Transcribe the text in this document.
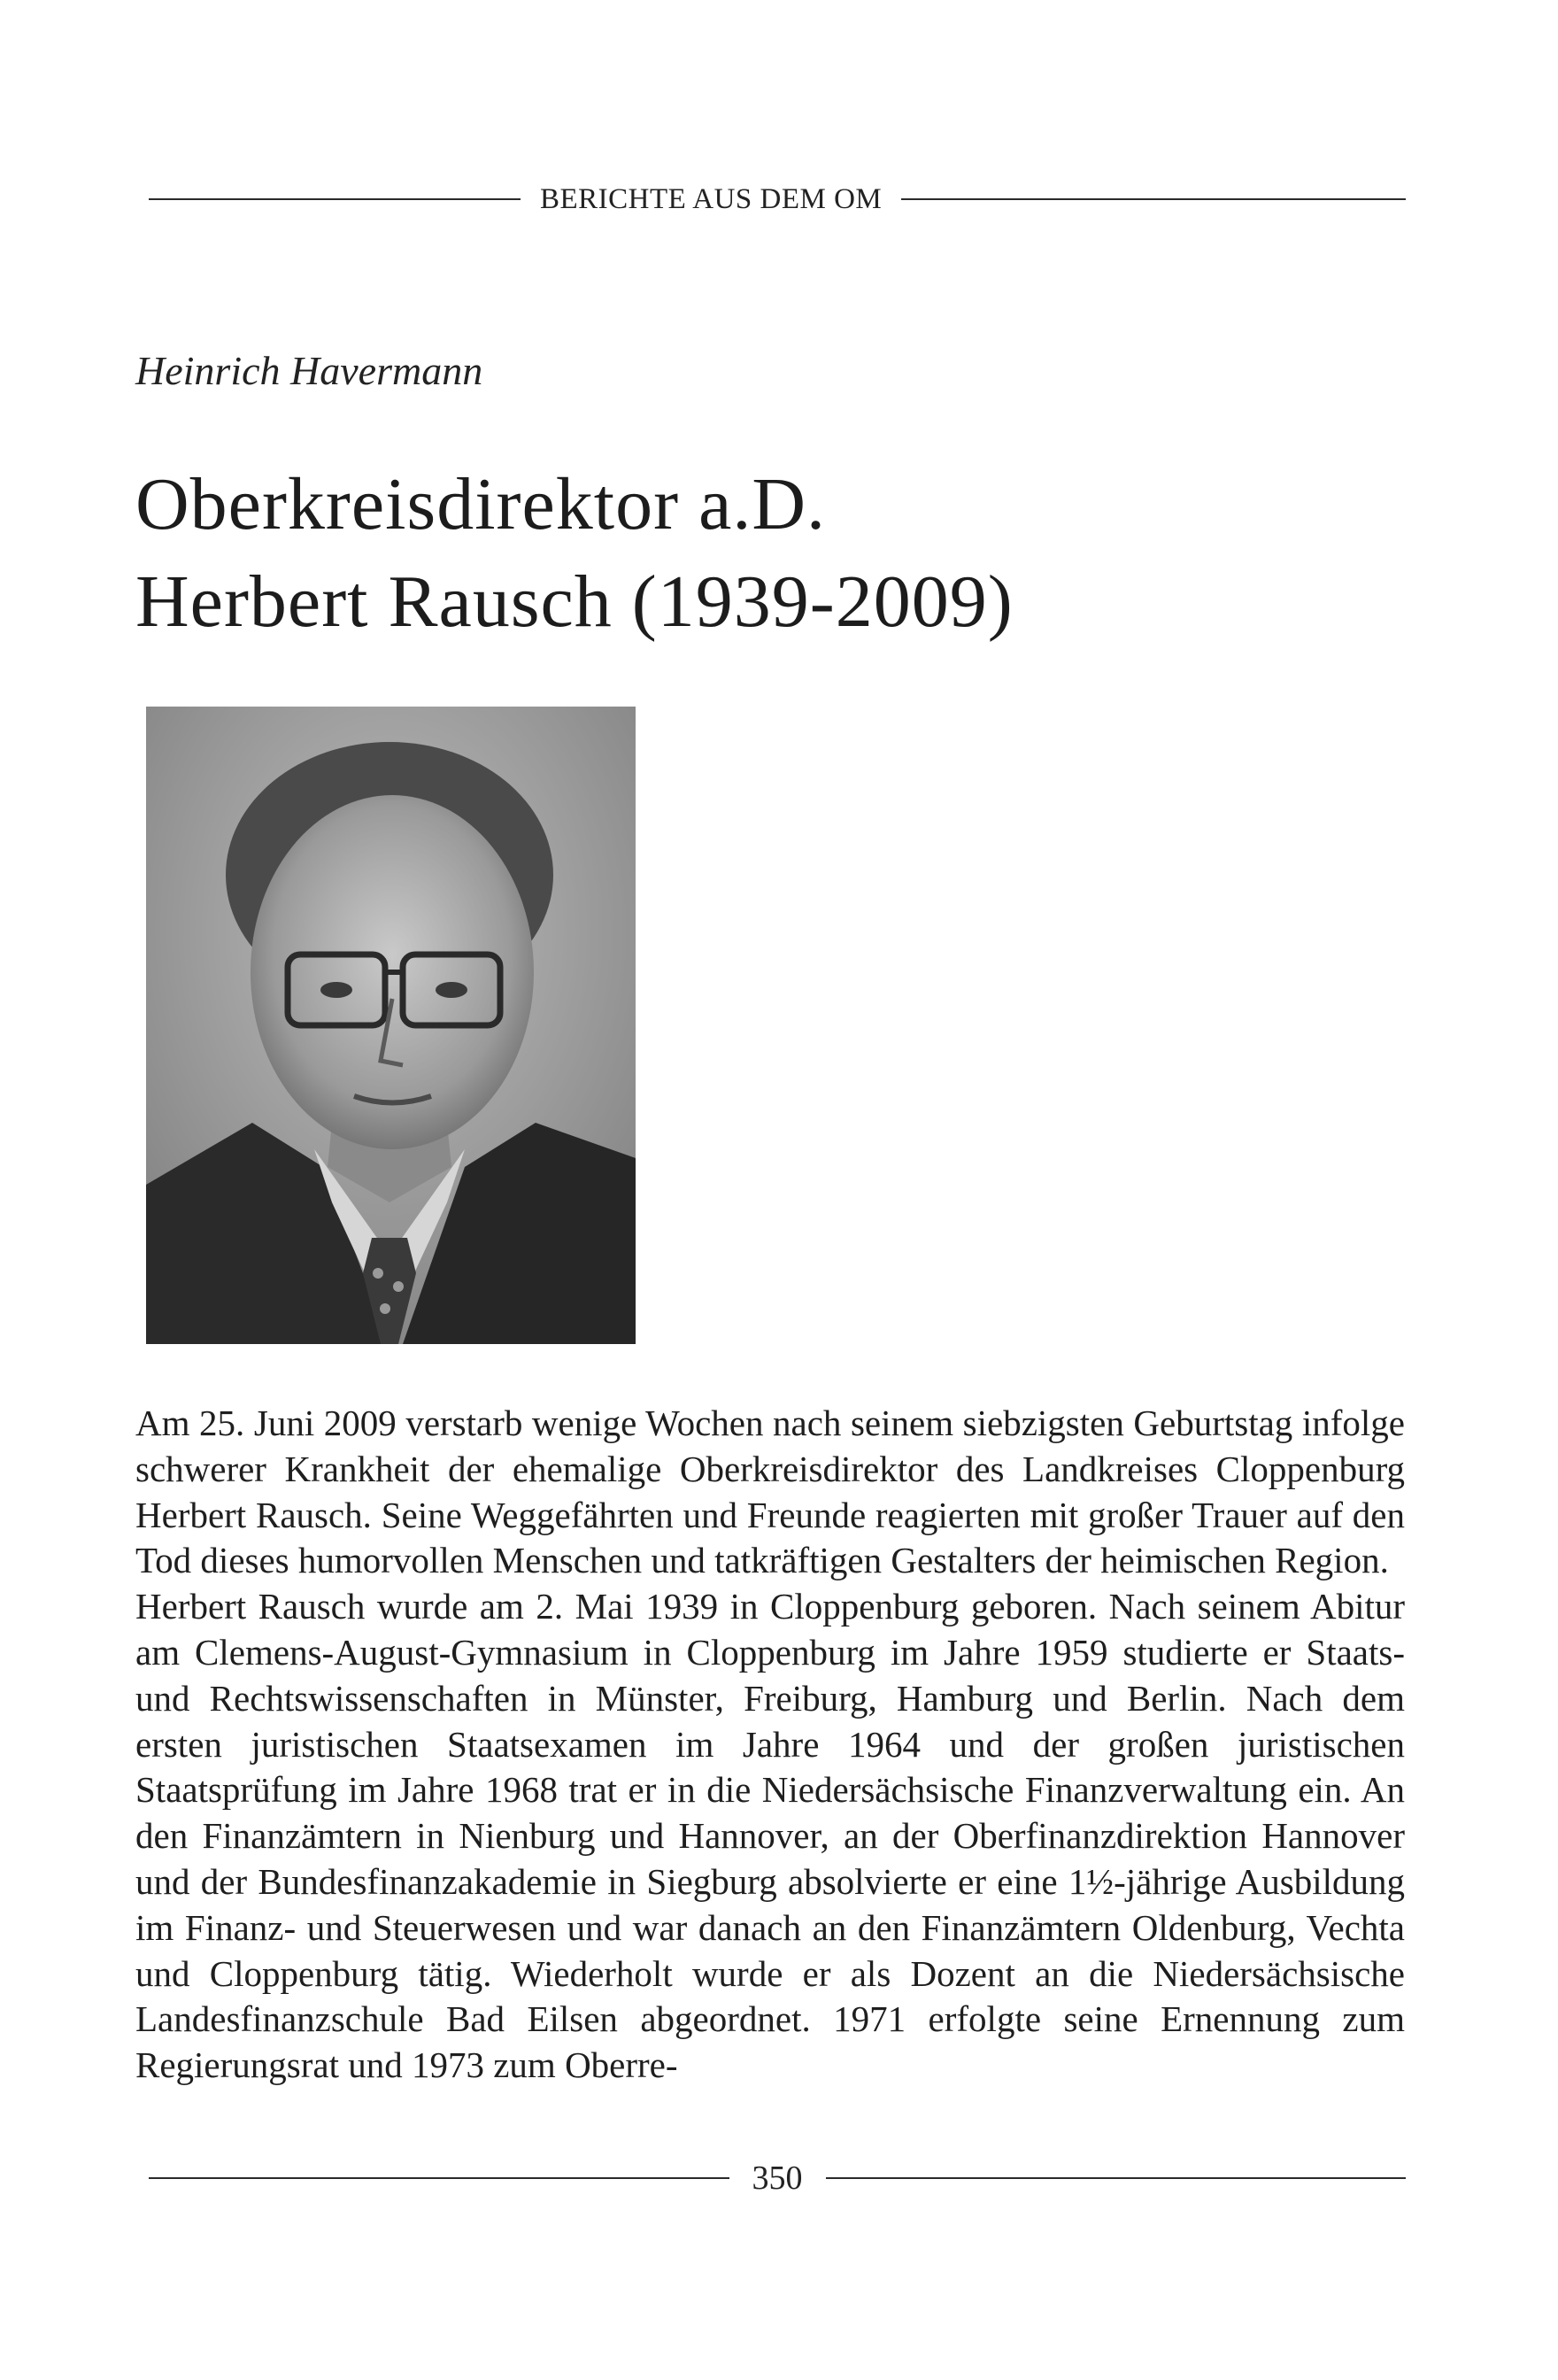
BERICHTE AUS DEM OM
Heinrich Havermann
Oberkreisdirektor a.D.
Herbert Rausch (1939-2009)

Am 25. Juni 2009 verstarb wenige Wochen nach seinem siebzigsten Geburtstag infolge schwerer Krankheit der ehemalige Oberkreisdirektor des Landkreises Cloppenburg Herbert Rausch. Seine Weggefährten und Freunde reagierten mit großer Trauer auf den Tod dieses humorvollen Menschen und tatkräftigen Gestalters der heimischen Region.

Herbert Rausch wurde am 2. Mai 1939 in Cloppenburg geboren. Nach seinem Abitur am Clemens-August-Gymnasium in Cloppenburg im Jahre 1959 studierte er Staats- und Rechtswissenschaften in Münster, Freiburg, Hamburg und Berlin. Nach dem ersten juristischen Staatsexamen im Jahre 1964 und der großen juristischen Staatsprüfung im Jahre 1968 trat er in die Niedersächsische Finanzverwaltung ein. An den Finanzämtern in Nienburg und Hannover, an der Oberfinanzdirektion Hannover und der Bundesfinanzakademie in Siegburg absolvierte er eine 1½-jährige Ausbildung im Finanz- und Steuerwesen und war danach an den Finanzämtern Oldenburg, Vechta und Cloppenburg tätig. Wiederholt wurde er als Dozent an die Niedersächsische Landesfinanzschule Bad Eilsen abgeordnet. 1971 erfolgte seine Ernennung zum Regierungsrat und 1973 zum Oberre-

350
